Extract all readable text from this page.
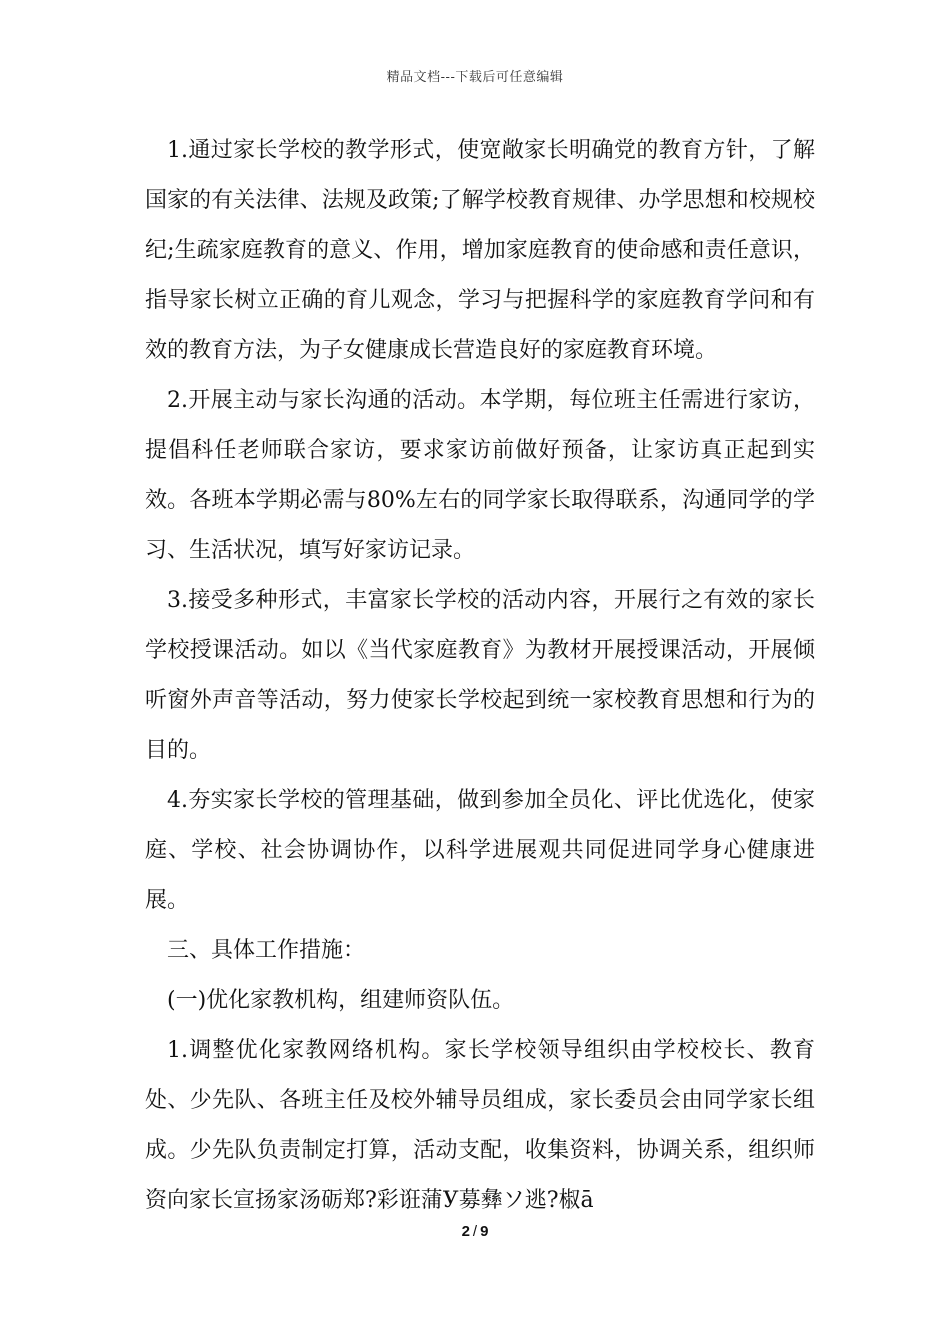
精品文档---下载后可任意编辑

1.通过家长学校的教学形式，使宽敞家长明确党的教育方针，了解国家的有关法律、法规及政策;了解学校教育规律、办学思想和校规校纪;生疏家庭教育的意义、作用，增加家庭教育的使命感和责任意识，指导家长树立正确的育儿观念，学习与把握科学的家庭教育学问和有效的教育方法，为子女健康成长营造良好的家庭教育环境。

2.开展主动与家长沟通的活动。本学期，每位班主任需进行家访，提倡科任老师联合家访，要求家访前做好预备，让家访真正起到实效。各班本学期必需与80%左右的同学家长取得联系，沟通同学的学习、生活状况，填写好家访记录。

3.接受多种形式，丰富家长学校的活动内容，开展行之有效的家长学校授课活动。如以《当代家庭教育》为教材开展授课活动，开展倾听窗外声音等活动，努力使家长学校起到统一家校教育思想和行为的目的。

4.夯实家长学校的管理基础，做到参加全员化、评比优选化，使家庭、学校、社会协调协作，以科学进展观共同促进同学身心健康进展。

三、具体工作措施：

(一)优化家教机构，组建师资队伍。

1.调整优化家教网络机构。家长学校领导组织由学校校长、教育处、少先队、各班主任及校外辅导员组成，家长委员会由同学家长组成。少先队负责制定打算，活动支配，收集资料，协调关系，组织师资向家长宣扬家汤砺郑?彩诳蒲У募彝ソ逃?椒ā

2 / 9
